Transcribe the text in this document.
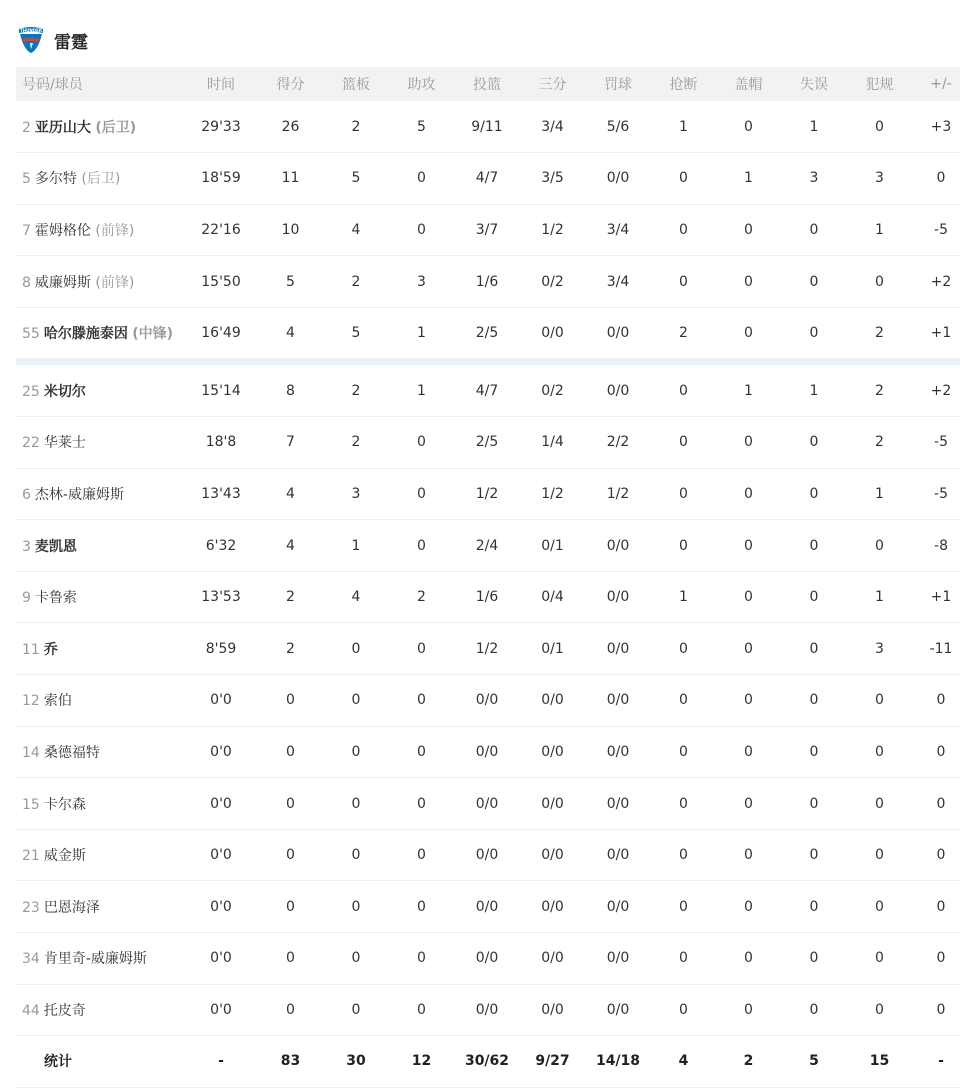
THUNDER
雷霆
号码/球员	时间	得分	篮板	助攻	投篮	三分	罚球	抢断	盖帽	失误	犯规	+/-
2 亚历山大 (后卫)	29'33	26	2	5	9/11	3/4	5/6	1	0	1	0	+3
5 多尔特 (后卫)	18'59	11	5	0	4/7	3/5	0/0	0	1	3	3	0
7 霍姆格伦 (前锋)	22'16	10	4	0	3/7	1/2	3/4	0	0	0	1	-5
8 威廉姆斯 (前锋)	15'50	5	2	3	1/6	0/2	3/4	0	0	0	0	+2
55 哈尔滕施泰因 (中锋)	16'49	4	5	1	2/5	0/0	0/0	2	0	0	2	+1

25 米切尔	15'14	8	2	1	4/7	0/2	0/0	0	1	1	2	+2
22 华莱士	18'8	7	2	0	2/5	1/4	2/2	0	0	0	2	-5
6 杰林-威廉姆斯	13'43	4	3	0	1/2	1/2	1/2	0	0	0	1	-5
3 麦凯恩	6'32	4	1	0	2/4	0/1	0/0	0	0	0	0	-8
9 卡鲁索	13'53	2	4	2	1/6	0/4	0/0	1	0	0	1	+1
11 乔	8'59	2	0	0	1/2	0/1	0/0	0	0	0	3	-11
12 索伯	0'0	0	0	0	0/0	0/0	0/0	0	0	0	0	0
14 桑德福特	0'0	0	0	0	0/0	0/0	0/0	0	0	0	0	0
15 卡尔森	0'0	0	0	0	0/0	0/0	0/0	0	0	0	0	0
21 威金斯	0'0	0	0	0	0/0	0/0	0/0	0	0	0	0	0
23 巴恩海泽	0'0	0	0	0	0/0	0/0	0/0	0	0	0	0	0
34 肯里奇-威廉姆斯	0'0	0	0	0	0/0	0/0	0/0	0	0	0	0	0
44 托皮奇	0'0	0	0	0	0/0	0/0	0/0	0	0	0	0	0
统计	-	83	30	12	30/62	9/27	14/18	4	2	5	15	-
